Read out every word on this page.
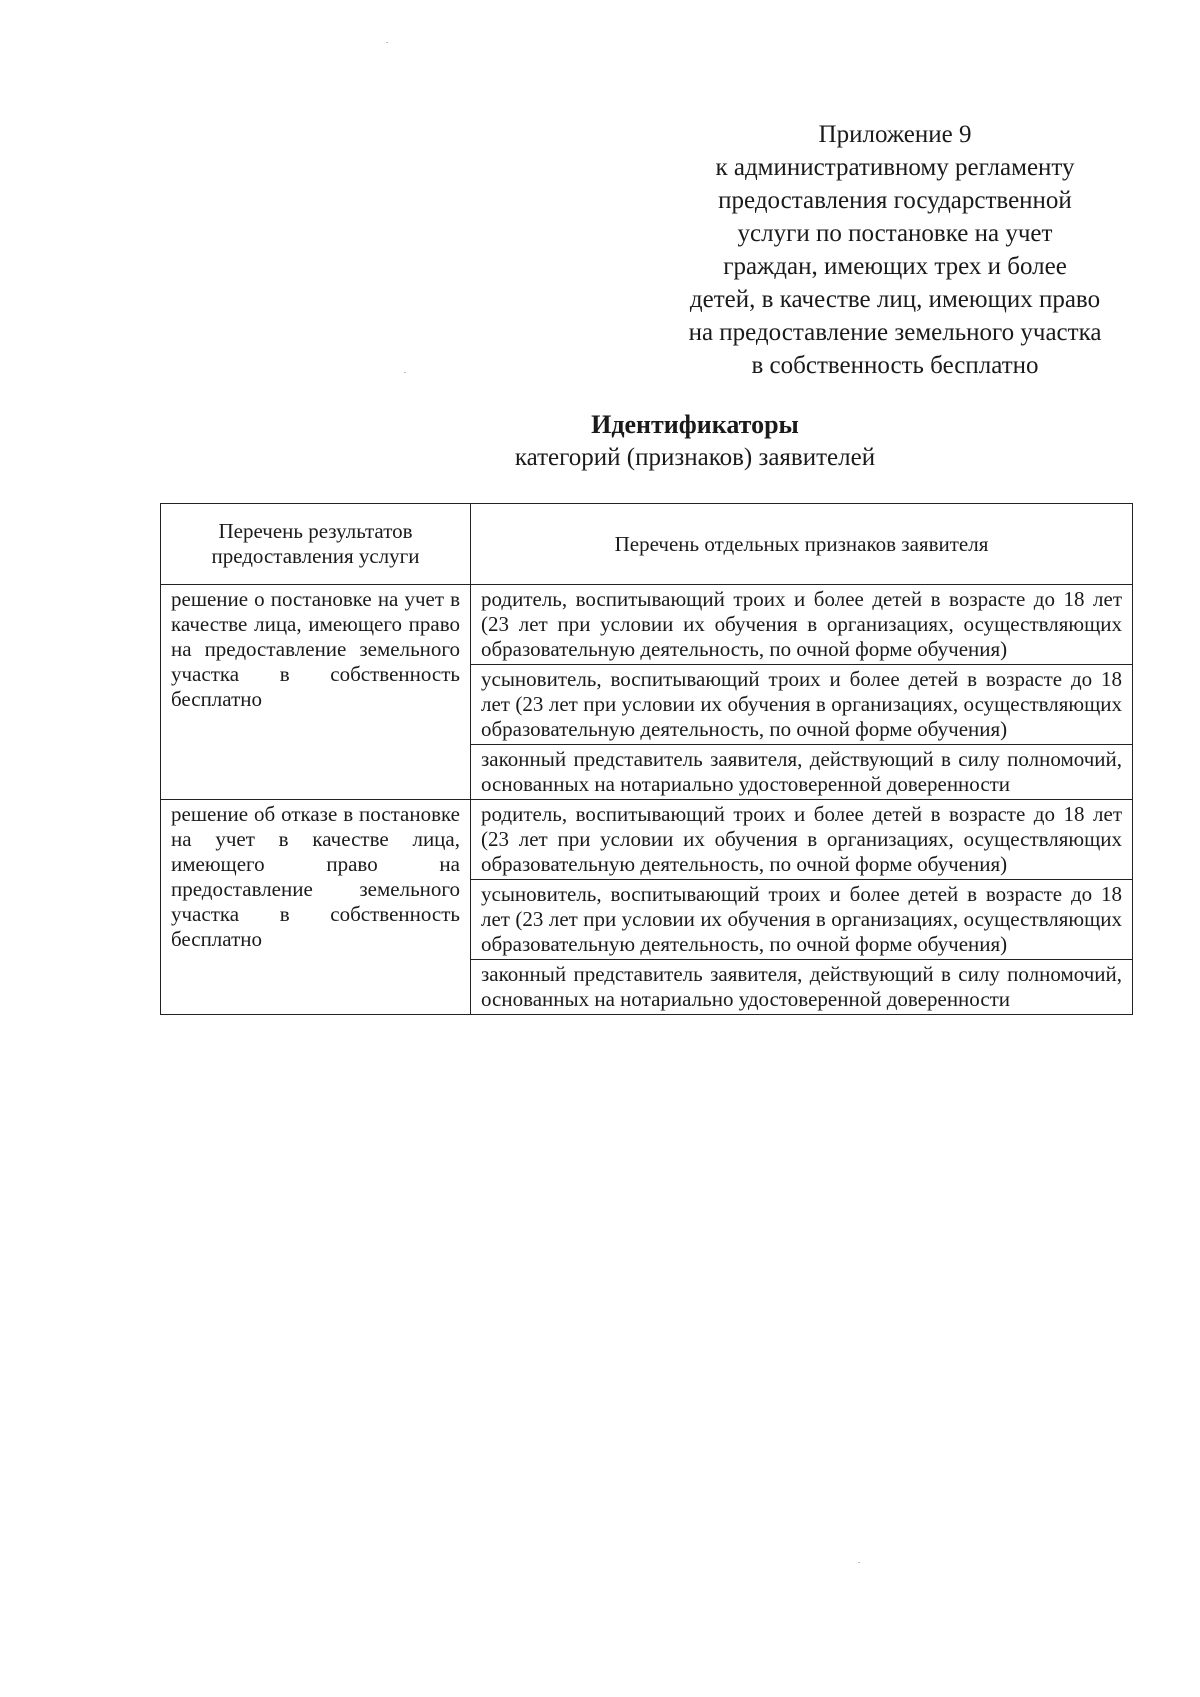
Приложение 9
к административному регламенту
предоставления государственной
услуги по постановке на учет
граждан, имеющих трех и более
детей, в качестве лиц, имеющих право
на предоставление земельного участка
в собственность бесплатно
Идентификаторы
категорий (признаков) заявителей
Перечень результатов предоставления услуги	Перечень отдельных признаков заявителя

решение о постановке на учет в качестве лица, имеющего право на предоставление земельного участка в собственность бесплатно	родитель, воспитывающий троих и более детей в возрасте до 18 лет (23 лет при условии их обучения в организациях, осуществляющих образовательную деятельность, по очной форме обучения)

	усыновитель, воспитывающий троих и более детей в возрасте до 18 лет (23 лет при условии их обучения в организациях, осуществляющих образовательную деятельность, по очной форме обучения)

	законный представитель заявителя, действующий в силу полномочий, основанных на нотариально удостоверенной доверенности

решение об отказе в постановке на учет в качестве лица, имеющего право на предоставление земельного участка в собственность бесплатно	родитель, воспитывающий троих и более детей в возрасте до 18 лет (23 лет при условии их обучения в организациях, осуществляющих образовательную деятельность, по очной форме обучения)

	усыновитель, воспитывающий троих и более детей в возрасте до 18 лет (23 лет при условии их обучения в организациях, осуществляющих образовательную деятельность, по очной форме обучения)

	законный представитель заявителя, действующий в силу полномочий, основанных на нотариально удостоверенной доверенности
